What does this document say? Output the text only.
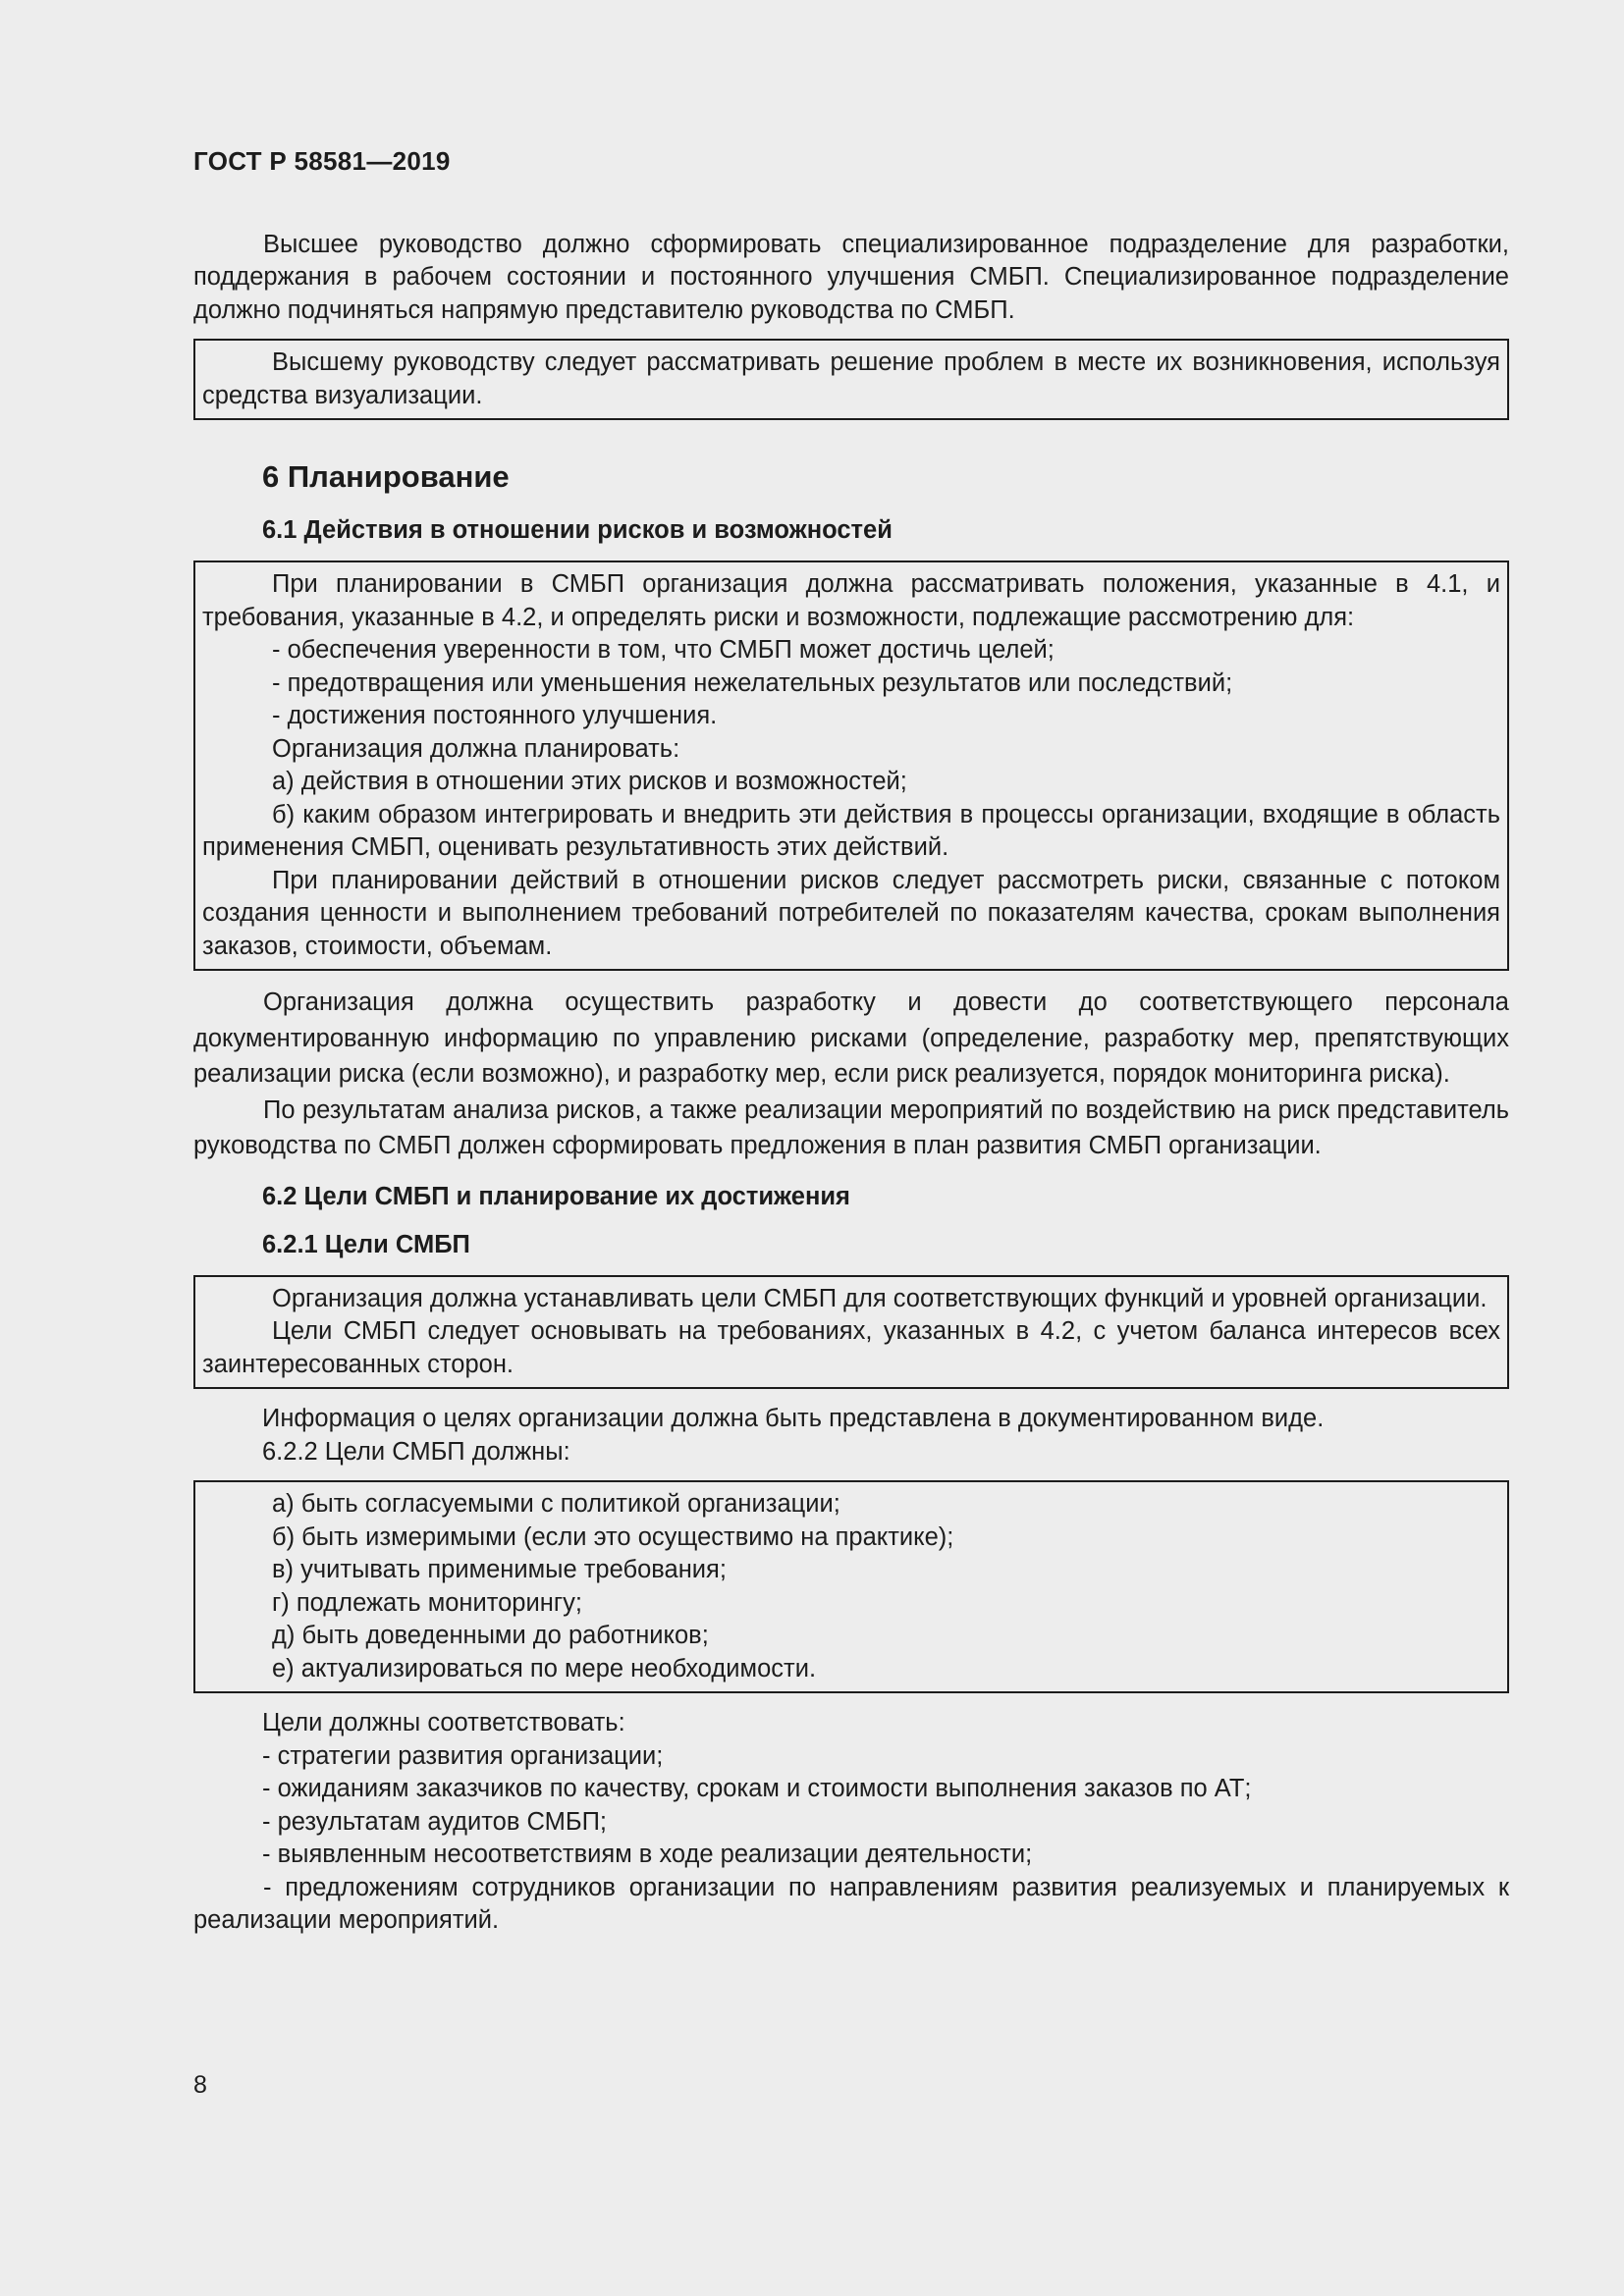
ГОСТ Р 58581—2019

Высшее руководство должно сформировать специализированное подразделение для разработки, поддержания в рабочем состоянии и постоянного улучшения СМБП. Специализированное подразделение должно подчиняться напрямую представителю руководства по СМБП.

Высшему руководству следует рассматривать решение проблем в месте их возникновения, используя средства визуализации.

6 Планирование
6.1 Действия в отношении рисков и возможностей

При планировании в СМБП организация должна рассматривать положения, указанные в 4.1, и требования, указанные в 4.2, и определять риски и возможности, подлежащие рассмотрению для:

- обеспечения уверенности в том, что СМБП может достичь целей;

- предотвращения или уменьшения нежелательных результатов или последствий;

- достижения постоянного улучшения.

Организация должна планировать:

а) действия в отношении этих рисков и возможностей;

б) каким образом интегрировать и внедрить эти действия в процессы организации, входящие в область применения СМБП, оценивать результативность этих действий.

При планировании действий в отношении рисков следует рассмотреть риски, связанные с потоком создания ценности и выполнением требований потребителей по показателям качества, срокам выполнения заказов, стоимости, объемам.

Организация должна осуществить разработку и довести до соответствующего персонала документированную информацию по управлению рисками (определение, разработку мер, препятствующих реализации риска (если возможно), и разработку мер, если риск реализуется, порядок мониторинга риска).

По результатам анализа рисков, а также реализации мероприятий по воздействию на риск представитель руководства по СМБП должен сформировать предложения в план развития СМБП организации.

6.2 Цели СМБП и планирование их достижения
6.2.1 Цели СМБП

Организация должна устанавливать цели СМБП для соответствующих функций и уровней организации.

Цели СМБП следует основывать на требованиях, указанных в 4.2, с учетом баланса интересов всех заинтересованных сторон.

Информация о целях организации должна быть представлена в документированном виде.

6.2.2 Цели СМБП должны:

а) быть согласуемыми с политикой организации;

б) быть измеримыми (если это осуществимо на практике);

в) учитывать применимые требования;

г) подлежать мониторингу;

д) быть доведенными до работников;

е) актуализироваться по мере необходимости.

Цели должны соответствовать:

- стратегии развития организации;

- ожиданиям заказчиков по качеству, срокам и стоимости выполнения заказов по АТ;

- результатам аудитов СМБП;

- выявленным несоответствиям в ходе реализации деятельности;

- предложениям сотрудников организации по направлениям развития реализуемых и планируемых к реализации мероприятий.

8
